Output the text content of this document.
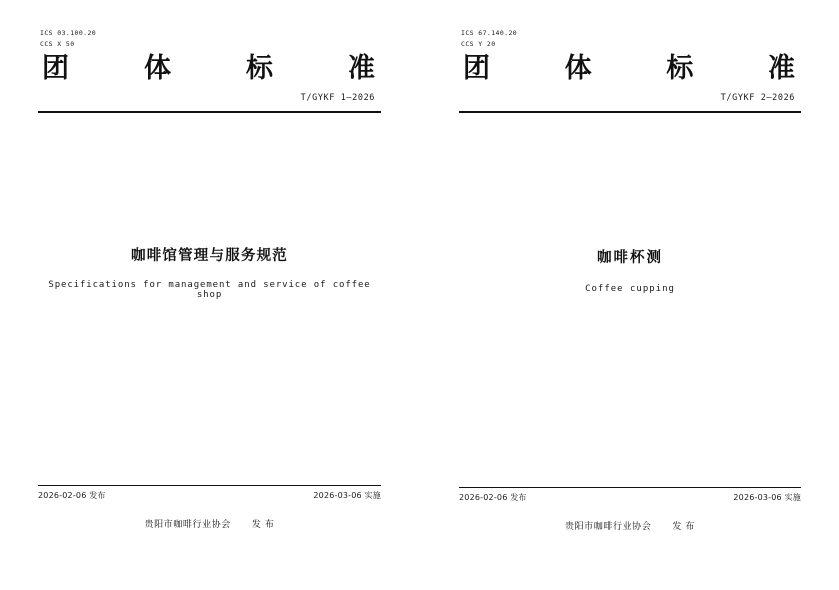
ICS 03.100.20
CCS X 50
团	体	标	准
T/GYKF 1—2026
咖啡馆管理与服务规范
Specifications for management and service of coffee shop
2026-02-06 发布	2026-03-06 实施
贵阳市咖啡行业协会 发 布
ICS 67.140.20
CCS Y 20
团	体	标	准
T/GYKF 2—2026
咖啡杯测
Coffee cupping
2026-02-06 发布	2026-03-06 实施
贵阳市咖啡行业协会 发 布
